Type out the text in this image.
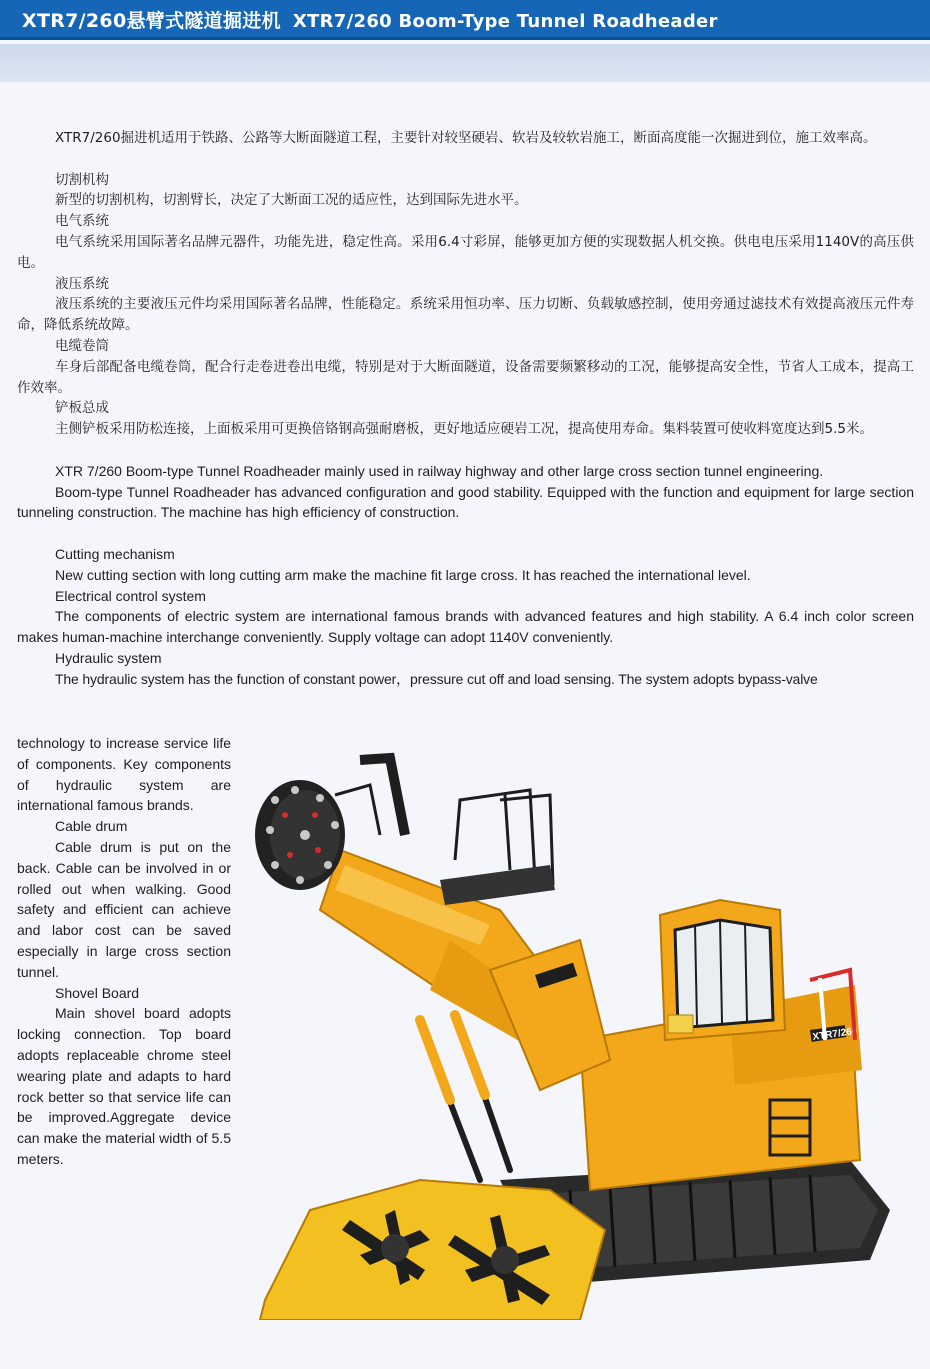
XTR7/260悬臂式隧道掘进机 XTR7/260 Boom-Type Tunnel Roadheader

XTR7/260掘进机适用于铁路、公路等大断面隧道工程，主要针对较坚硬岩、软岩及较软岩施工，断面高度能一次掘进到位，施工效率高。

切割机构

新型的切割机构，切割臂长，决定了大断面工况的适应性，达到国际先进水平。

电气系统

电气系统采用国际著名品牌元器件，功能先进，稳定性高。采用6.4寸彩屏，能够更加方便的实现数据人机交换。供电电压采用1140V的高压供电。

液压系统

液压系统的主要液压元件均采用国际著名品牌，性能稳定。系统采用恒功率、压力切断、负载敏感控制，使用旁通过滤技术有效提高液压元件寿命，降低系统故障。

电缆卷筒

车身后部配备电缆卷筒，配合行走卷进卷出电缆，特别是对于大断面隧道，设备需要频繁移动的工况，能够提高安全性，节省人工成本，提高工作效率。

铲板总成

主侧铲板采用防松连接，上面板采用可更换倍铬钢高强耐磨板，更好地适应硬岩工况，提高使用寿命。集料装置可使收料宽度达到5.5米。

XTR 7/260 Boom-type Tunnel Roadheader mainly used in railway highway and other large cross section tunnel engineering.

Boom-type Tunnel Roadheader has advanced configuration and good stability. Equipped with the function and equipment for large section tunneling construction. The machine has high efficiency of construction.

Cutting mechanism

New cutting section with long cutting arm make the machine fit large cross. It has reached the international level.

Electrical control system

The components of electric system are international famous brands with advanced features and high stability. A 6.4 inch color screen makes human-machine interchange conveniently. Supply voltage can adopt 1140V conveniently.

Hydraulic system

The hydraulic system has the function of constant power，pressure cut off and load sensing. The system adopts bypass-valve

technology to increase service life of components. Key components of hydraulic system are international famous brands.

Cable drum

Cable drum is put on the back. Cable can be involved in or rolled out when walking. Good safety and efficient can achieve and labor cost can be saved especially in large cross section tunnel.

Shovel Board

Main shovel board adopts locking connection. Top board adopts replaceable chrome steel wearing plate and adapts to hard rock better so that service life can be improved.Aggregate device can make the material width of 5.5 meters.

XTR7/260
